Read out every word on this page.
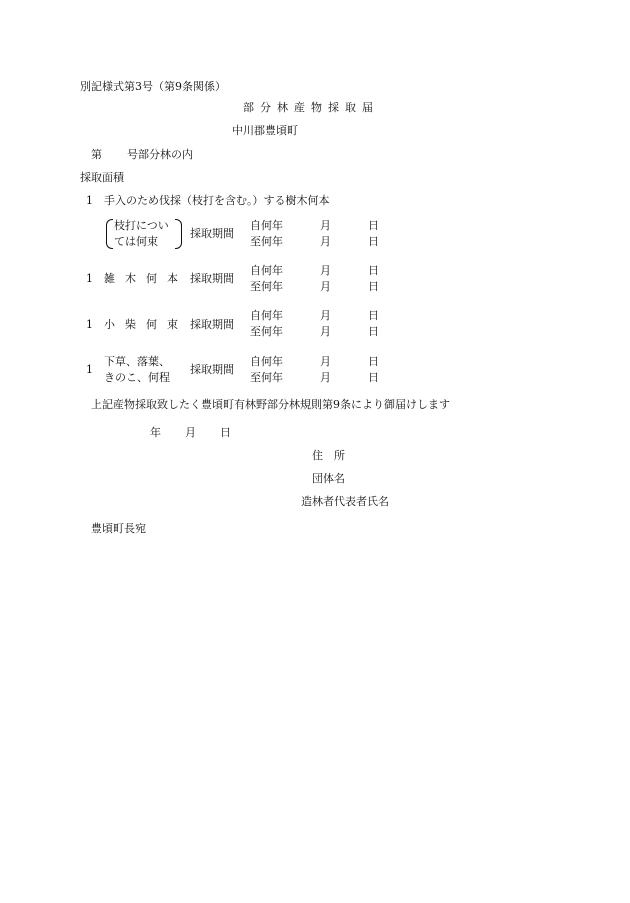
別記様式第3号（第9条関係）
部分林産物採取届
中川郡豊頃町
第 号部分林の内
採取面積
1 手入のため伐採（枝打を含む。）する樹木何本
枝打につい
ては何束
採取期間
自何年
至何年
月
月
日
日
1 雑木何本 採取期間
自何年
至何年
月
月
日
日
1 小柴何束 採取期間
自何年
至何年
月
月
日
日
1
下草、落葉、
きのこ、何程
採取期間
自何年
至何年
月
月
日
日
上記産物採取致したく豊頃町有林野部分林規則第9条により御届けします
年 月 日
住　所
団体名
造林者代表者氏名
豊頃町長宛
